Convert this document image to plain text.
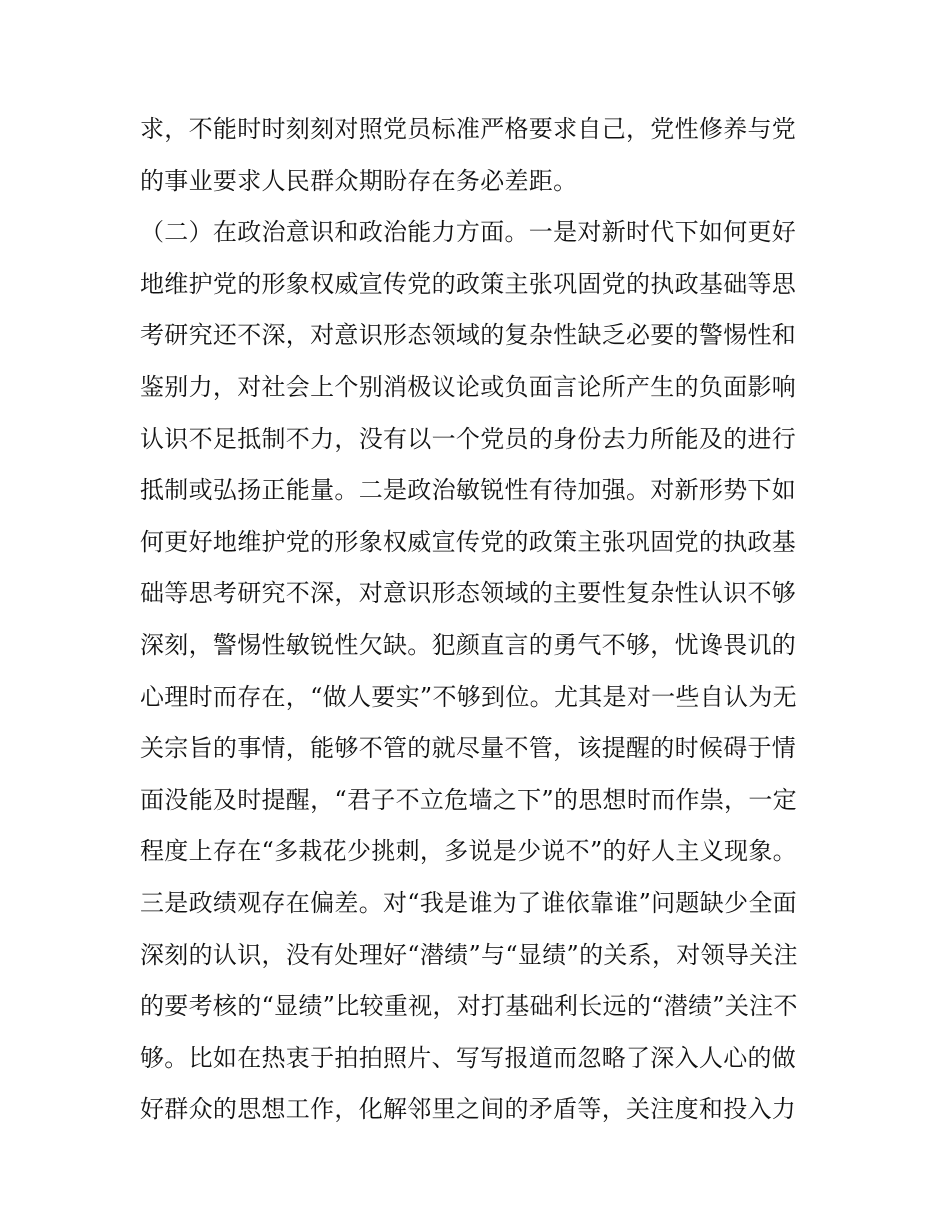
求，不能时时刻刻对照党员标准严格要求自己，党性修养与党
的事业要求人民群众期盼存在务必差距。
（二）在政治意识和政治能力方面。一是对新时代下如何更好
地维护党的形象权威宣传党的政策主张巩固党的执政基础等思
考研究还不深，对意识形态领域的复杂性缺乏必要的警惕性和
鉴别力，对社会上个别消极议论或负面言论所产生的负面影响
认识不足抵制不力，没有以一个党员的身份去力所能及的进行
抵制或弘扬正能量。二是政治敏锐性有待加强。对新形势下如
何更好地维护党的形象权威宣传党的政策主张巩固党的执政基
础等思考研究不深，对意识形态领域的主要性复杂性认识不够
深刻，警惕性敏锐性欠缺。犯颜直言的勇气不够，忧谗畏讥的
心理时而存在，“做人要实”不够到位。尤其是对一些自认为无
关宗旨的事情，能够不管的就尽量不管，该提醒的时候碍于情
面没能及时提醒，“君子不立危墙之下”的思想时而作祟，一定
程度上存在“多栽花少挑刺，多说是少说不”的好人主义现象。
三是政绩观存在偏差。对“我是谁为了谁依靠谁”问题缺少全面
深刻的认识，没有处理好“潜绩”与“显绩”的关系，对领导关注
的要考核的“显绩”比较重视，对打基础利长远的“潜绩”关注不
够。比如在热衷于拍拍照片、写写报道而忽略了深入人心的做
好群众的思想工作，化解邻里之间的矛盾等，关注度和投入力
